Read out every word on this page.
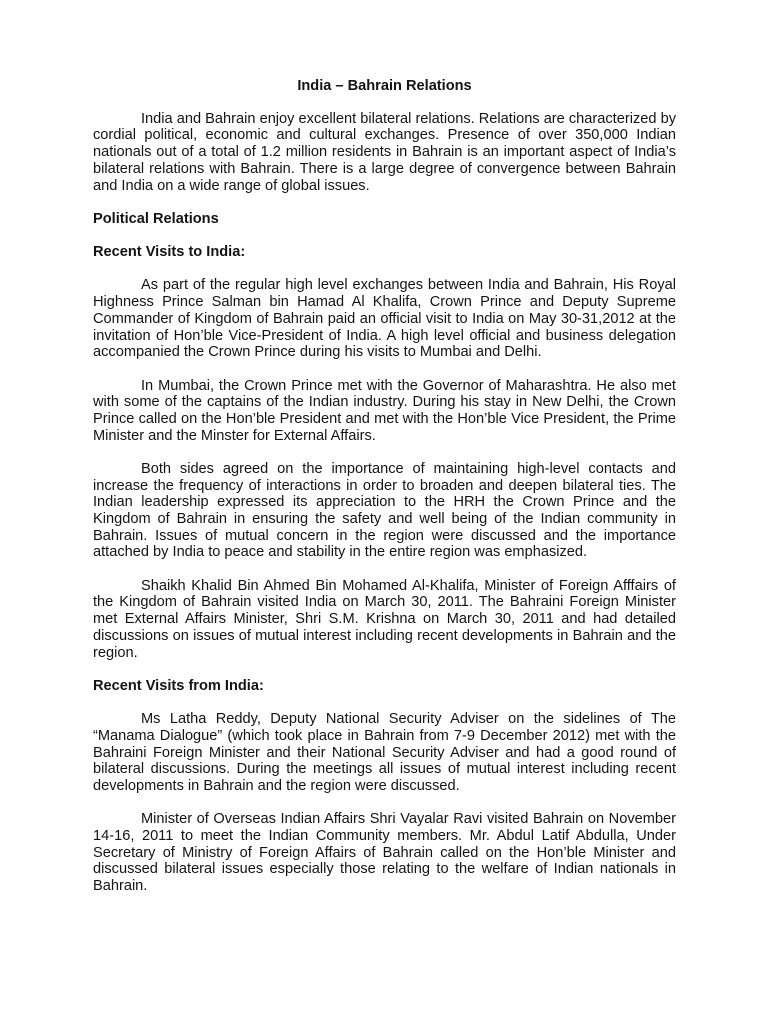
India – Bahrain Relations

India and Bahrain enjoy excellent bilateral relations. Relations are characterized by cordial political, economic and cultural exchanges. Presence of over 350,000 Indian nationals out of a total of 1.2 million residents in Bahrain is an important aspect of India’s bilateral relations with Bahrain. There is a large degree of convergence between Bahrain and India on a wide range of global issues.

Political Relations
Recent Visits to India:

As part of the regular high level exchanges between India and Bahrain, His Royal Highness Prince Salman bin Hamad Al Khalifa, Crown Prince and Deputy Supreme Commander of Kingdom of Bahrain paid an official visit to India on May 30-31,2012 at the invitation of Hon’ble Vice-President of India. A high level official and business delegation accompanied the Crown Prince during his visits to Mumbai and Delhi.

In Mumbai, the Crown Prince met with the Governor of Maharashtra. He also met with some of the captains of the Indian industry. During his stay in New Delhi, the Crown Prince called on the Hon’ble President and met with the Hon’ble Vice President, the Prime Minister and the Minster for External Affairs.

Both sides agreed on the importance of maintaining high-level contacts and increase the frequency of interactions in order to broaden and deepen bilateral ties. The Indian leadership expressed its appreciation to the HRH the Crown Prince and the Kingdom of Bahrain in ensuring the safety and well being of the Indian community in Bahrain. Issues of mutual concern in the region were discussed and the importance attached by India to peace and stability in the entire region was emphasized.

Shaikh Khalid Bin Ahmed Bin Mohamed Al-Khalifa, Minister of Foreign Afffairs of the Kingdom of Bahrain visited India on March 30, 2011. The Bahraini Foreign Minister met External Affairs Minister, Shri S.M. Krishna on March 30, 2011 and had detailed discussions on issues of mutual interest including recent developments in Bahrain and the region.

Recent Visits from India:

Ms Latha Reddy, Deputy National Security Adviser on the sidelines of The “Manama Dialogue” (which took place in Bahrain from 7-9 December 2012) met with the Bahraini Foreign Minister and their National Security Adviser and had a good round of bilateral discussions. During the meetings all issues of mutual interest including recent developments in Bahrain and the region were discussed.

Minister of Overseas Indian Affairs Shri Vayalar Ravi visited Bahrain on November 14-16, 2011 to meet the Indian Community members. Mr. Abdul Latif Abdulla, Under Secretary of Ministry of Foreign Affairs of Bahrain called on the Hon’ble Minister and discussed bilateral issues especially those relating to the welfare of Indian nationals in Bahrain.
